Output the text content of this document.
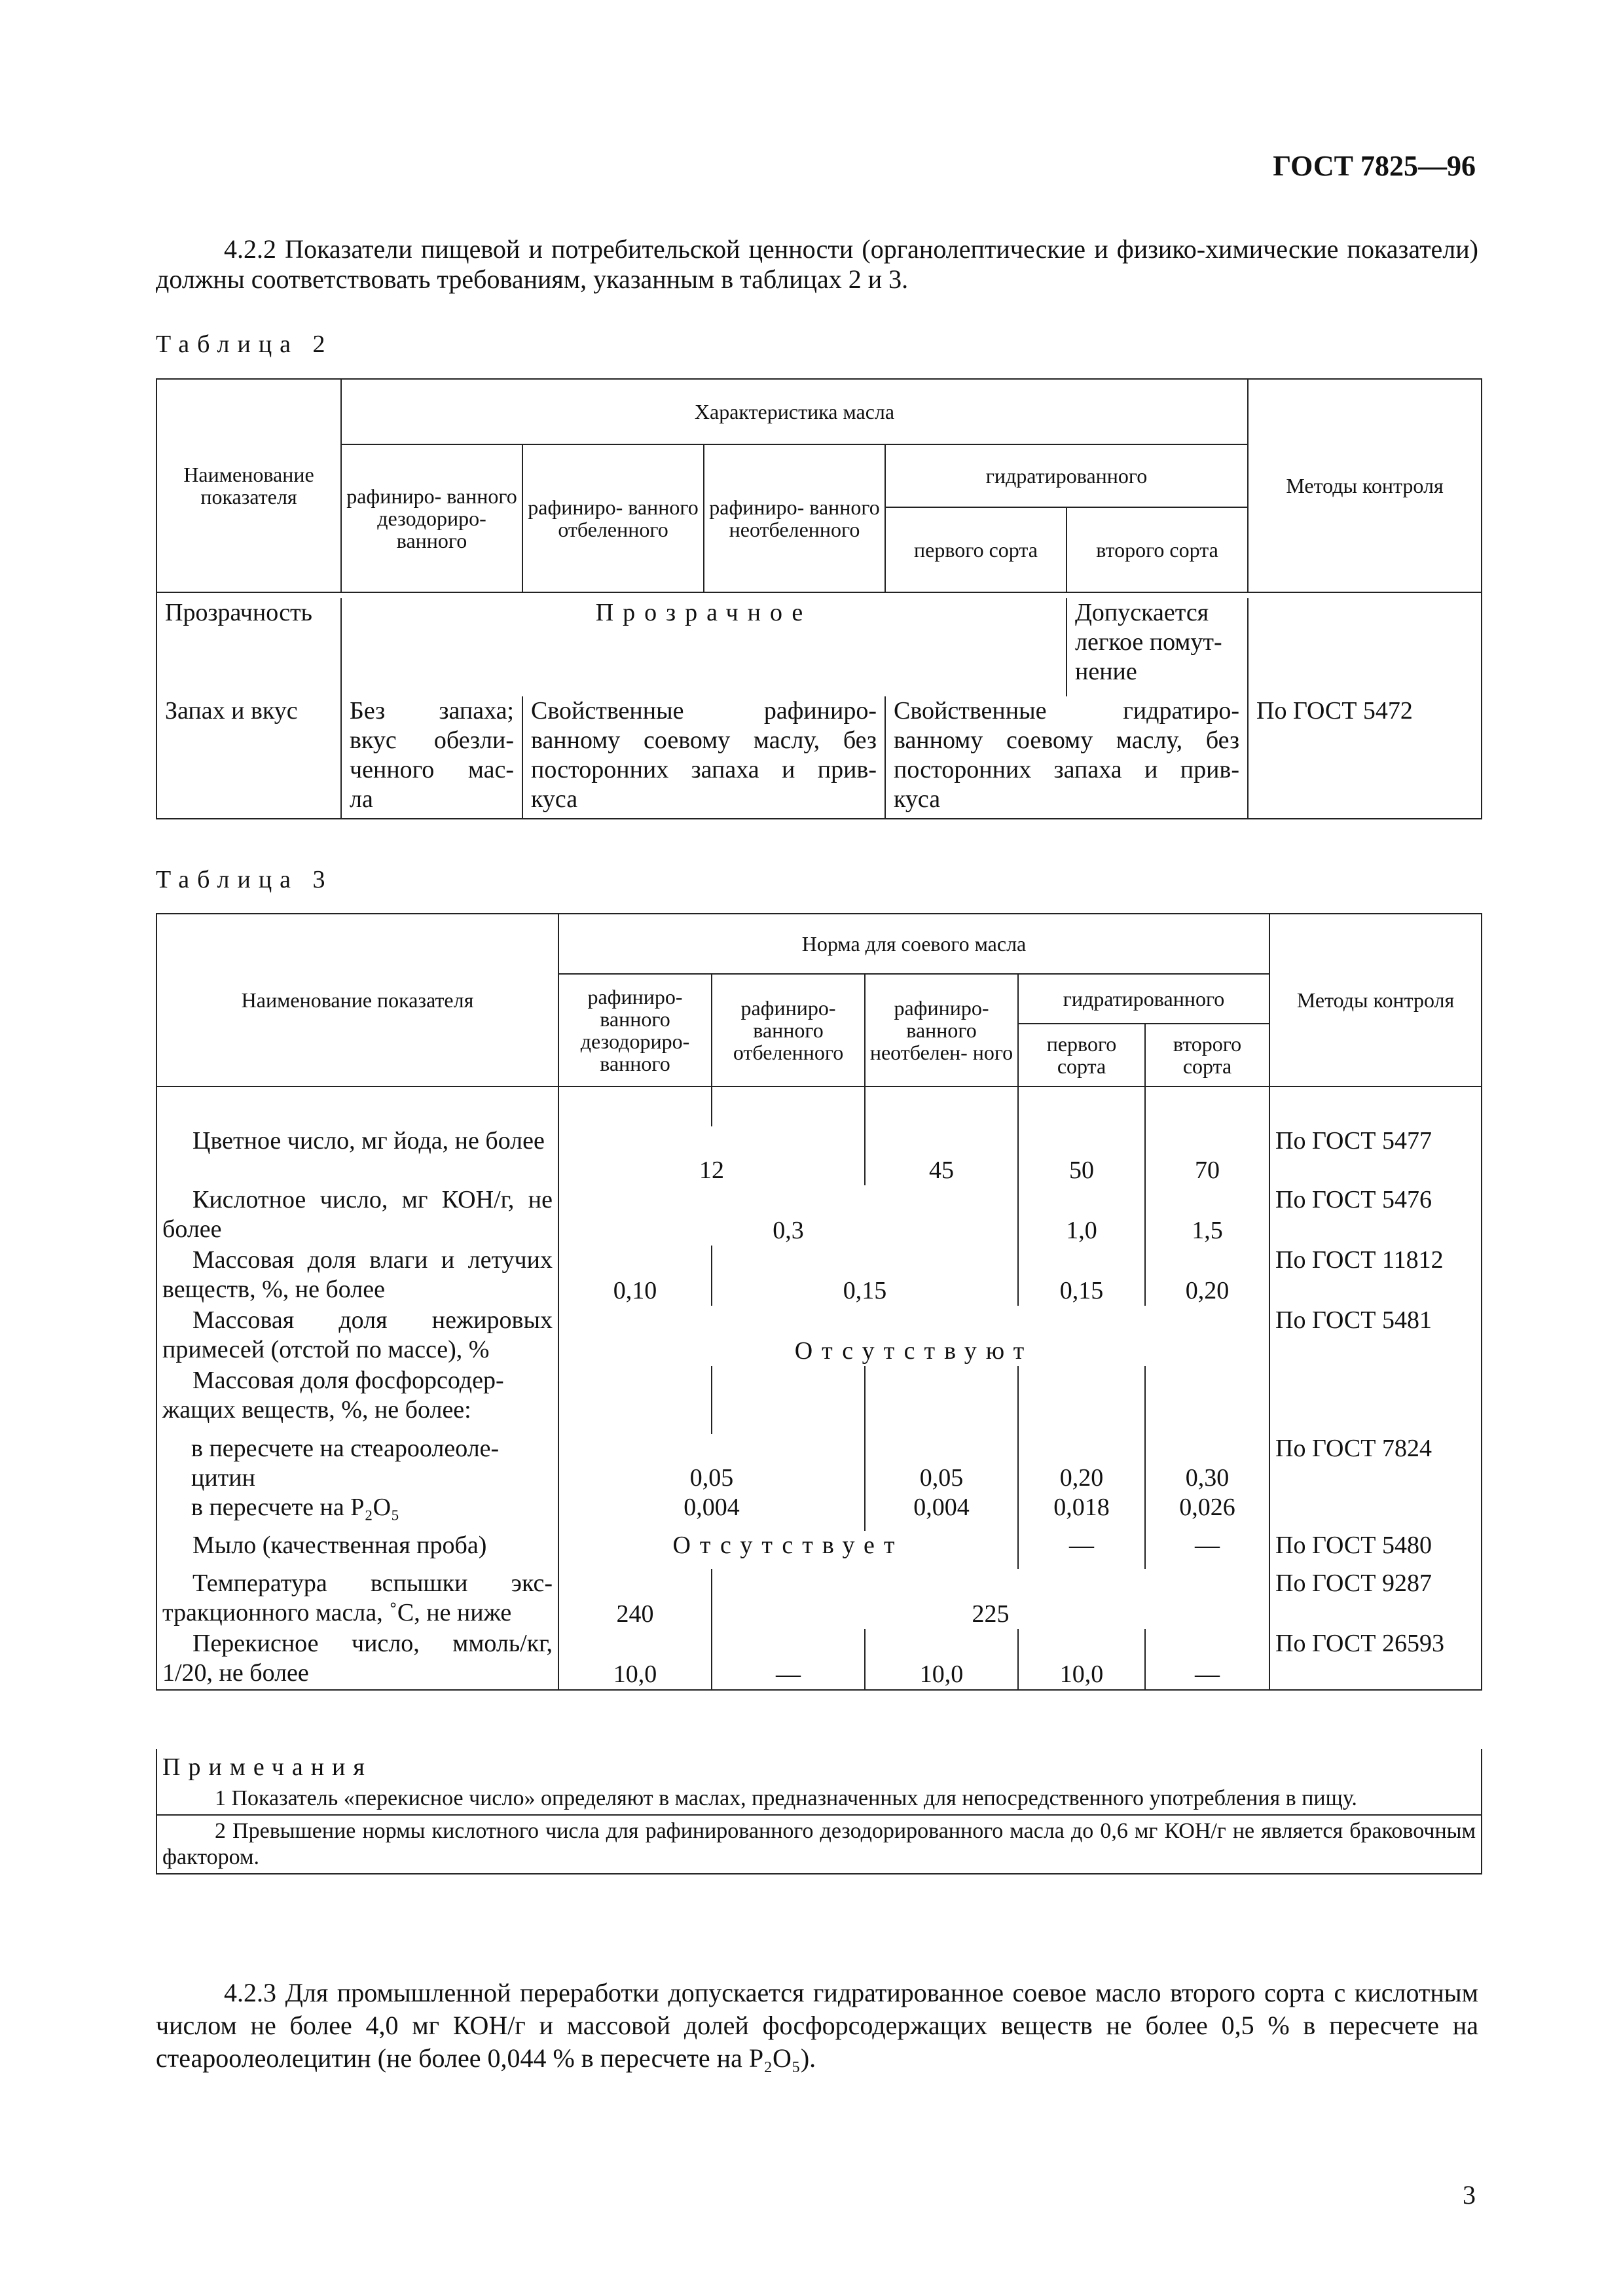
ГОСТ 7825—96
4.2.2 Показатели пищевой и потребительской ценности (органолептические и физико-химические показатели) должны соответствовать требованиям, указанным в таблицах 2 и 3.
Таблица 2
Наименование показателя	Характеристика масла					Методы контроля
	рафиниро- ванного дезодориро- ванного	рафиниро- ванного отбеленного	рафиниро- ванного неотбеленного	гидратированного		
				первого сорта	второго сорта	

Прозрачность	Прозрачное				Допускается легкое помут- нение	
Запах и вкус	Без запаха; вкус обезли- ченного мас- ла	Свойственные рафиниро- ванному соевому маслу, без посторонних запаха и прив- куса		Свойственные гидратиро- ванному соевому маслу, без посторонних запаха и прив- куса		По ГОСТ 5472
Таблица 3
Наименование показателя	Норма для соевого масла					Методы контроля
	рафиниро- ванного дезодориро- ванного	рафиниро- ванного отбеленного	рафиниро- ванного неотбелен- ного	гидратированного		
				первого сорта	второго сорта	

Цветное число, мг йода, не более	12		45	50	70	По ГОСТ 5477
Кислотное число, мг КОН/г, не более	0,3			1,0	1,5	По ГОСТ 5476
Массовая доля влаги и летучих веществ, %, не более	0,10	0,15		0,15	0,20	По ГОСТ 11812
Массовая доля нежировых примесей (отстой по массе), %	Отсутствуют					По ГОСТ 5481
Массовая доля фосфорсодер- жащих веществ, %, не более:						
в пересчете на стеароолеоле- цитин	0,05		0,05	0,20	0,30	По ГОСТ 7824
в пересчете на P₂O₅	0,004		0,004	0,018	0,026	
Мыло (качественная проба)	Отсутствует			—	—	По ГОСТ 5480
Температура вспышки экс- тракционного масла, ˚С, не ниже	240	225				По ГОСТ 9287
Перекисное число, ммоль/кг, 1/20, не более	10,0	—	10,0	10,0	—	По ГОСТ 26593

Примечания

1 Показатель «перекисное число» определяют в маслах, предназначенных для непосредственного употребления в пищу.

2 Превышение нормы кислотного числа для рафинированного дезодорированного масла до 0,6 мг КОН/г не является браковочным фактором.

4.2.3 Для промышленной переработки допускается гидратированное соевое масло второго сорта с кислотным числом не более 4,0 мг КОН/г и массовой долей фосфорсодержащих веществ не более 0,5 % в пересчете на стеароолеолецитин (не более 0,044 % в пересчете на P₂O₅).
3
